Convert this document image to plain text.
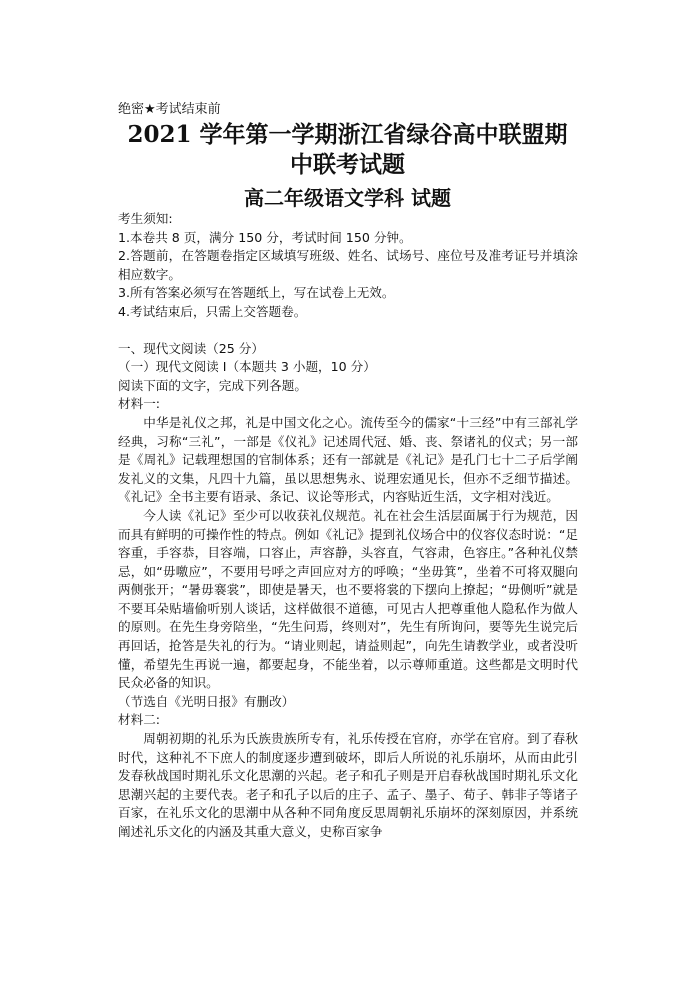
绝密★考试结束前
2021 学年第一学期浙江省绿谷高中联盟期
中联考试题
高二年级语文学科 试题

考生须知:

1.本卷共 8 页，满分 150 分，考试时间 150 分钟。

2.答题前，在答题卷指定区域填写班级、姓名、试场号、座位号及准考证号并填涂相应数字。

3.所有答案必须写在答题纸上，写在试卷上无效。

4.考试结束后，只需上交答题卷。

一、现代文阅读（25 分）

（一）现代文阅读 Ⅰ（本题共 3 小题，10 分）

阅读下面的文字，完成下列各题。

材料一:

中华是礼仪之邦，礼是中国文化之心。流传至今的儒家“十三经”中有三部礼学经典，习称“三礼”，一部是《仪礼》记述周代冠、婚、丧、祭诸礼的仪式；另一部是《周礼》记载理想国的官制体系；还有一部就是《礼记》是孔门七十二子后学阐发礼义的文集，凡四十九篇，虽以思想隽永、说理宏通见长，但亦不乏细节描述。《礼记》全书主要有语录、条记、议论等形式，内容贴近生活，文字相对浅近。

今人读《礼记》至少可以收获礼仪规范。礼在社会生活层面属于行为规范，因而具有鲜明的可操作性的特点。例如《礼记》提到礼仪场合中的仪容仪态时说：“足容重，手容恭，目容端，口容止，声容静，头容直，气容肃，色容庄。”各种礼仪禁忌，如“毋噭应”，不要用号呼之声回应对方的呼唤；“坐毋箕”，坐着不可将双腿向两侧张开；“暑毋褰裳”，即使是暑天，也不要将裳的下摆向上撩起；“毋侧听”就是不要耳朵贴墙偷听别人谈话，这样做很不道德，可见古人把尊重他人隐私作为做人的原则。在先生身旁陪坐，“先生问焉，终则对”，先生有所询问，要等先生说完后再回话，抢答是失礼的行为。“请业则起，请益则起”，向先生请教学业，或者没听懂，希望先生再说一遍，都要起身，不能坐着，以示尊师重道。这些都是文明时代民众必备的知识。

（节选自《光明日报》有删改）

材料二:

周朝初期的礼乐为氏族贵族所专有，礼乐传授在官府，亦学在官府。到了春秋时代，这种礼不下庶人的制度逐步遭到破坏，即后人所说的礼乐崩坏，从而由此引发春秋战国时期礼乐文化思潮的兴起。老子和孔子则是开启春秋战国时期礼乐文化思潮兴起的主要代表。老子和孔子以后的庄子、孟子、墨子、荀子、韩非子等诸子百家，在礼乐文化的思潮中从各种不同角度反思周朝礼乐崩坏的深刻原因，并系统阐述礼乐文化的内涵及其重大意义，史称百家争
